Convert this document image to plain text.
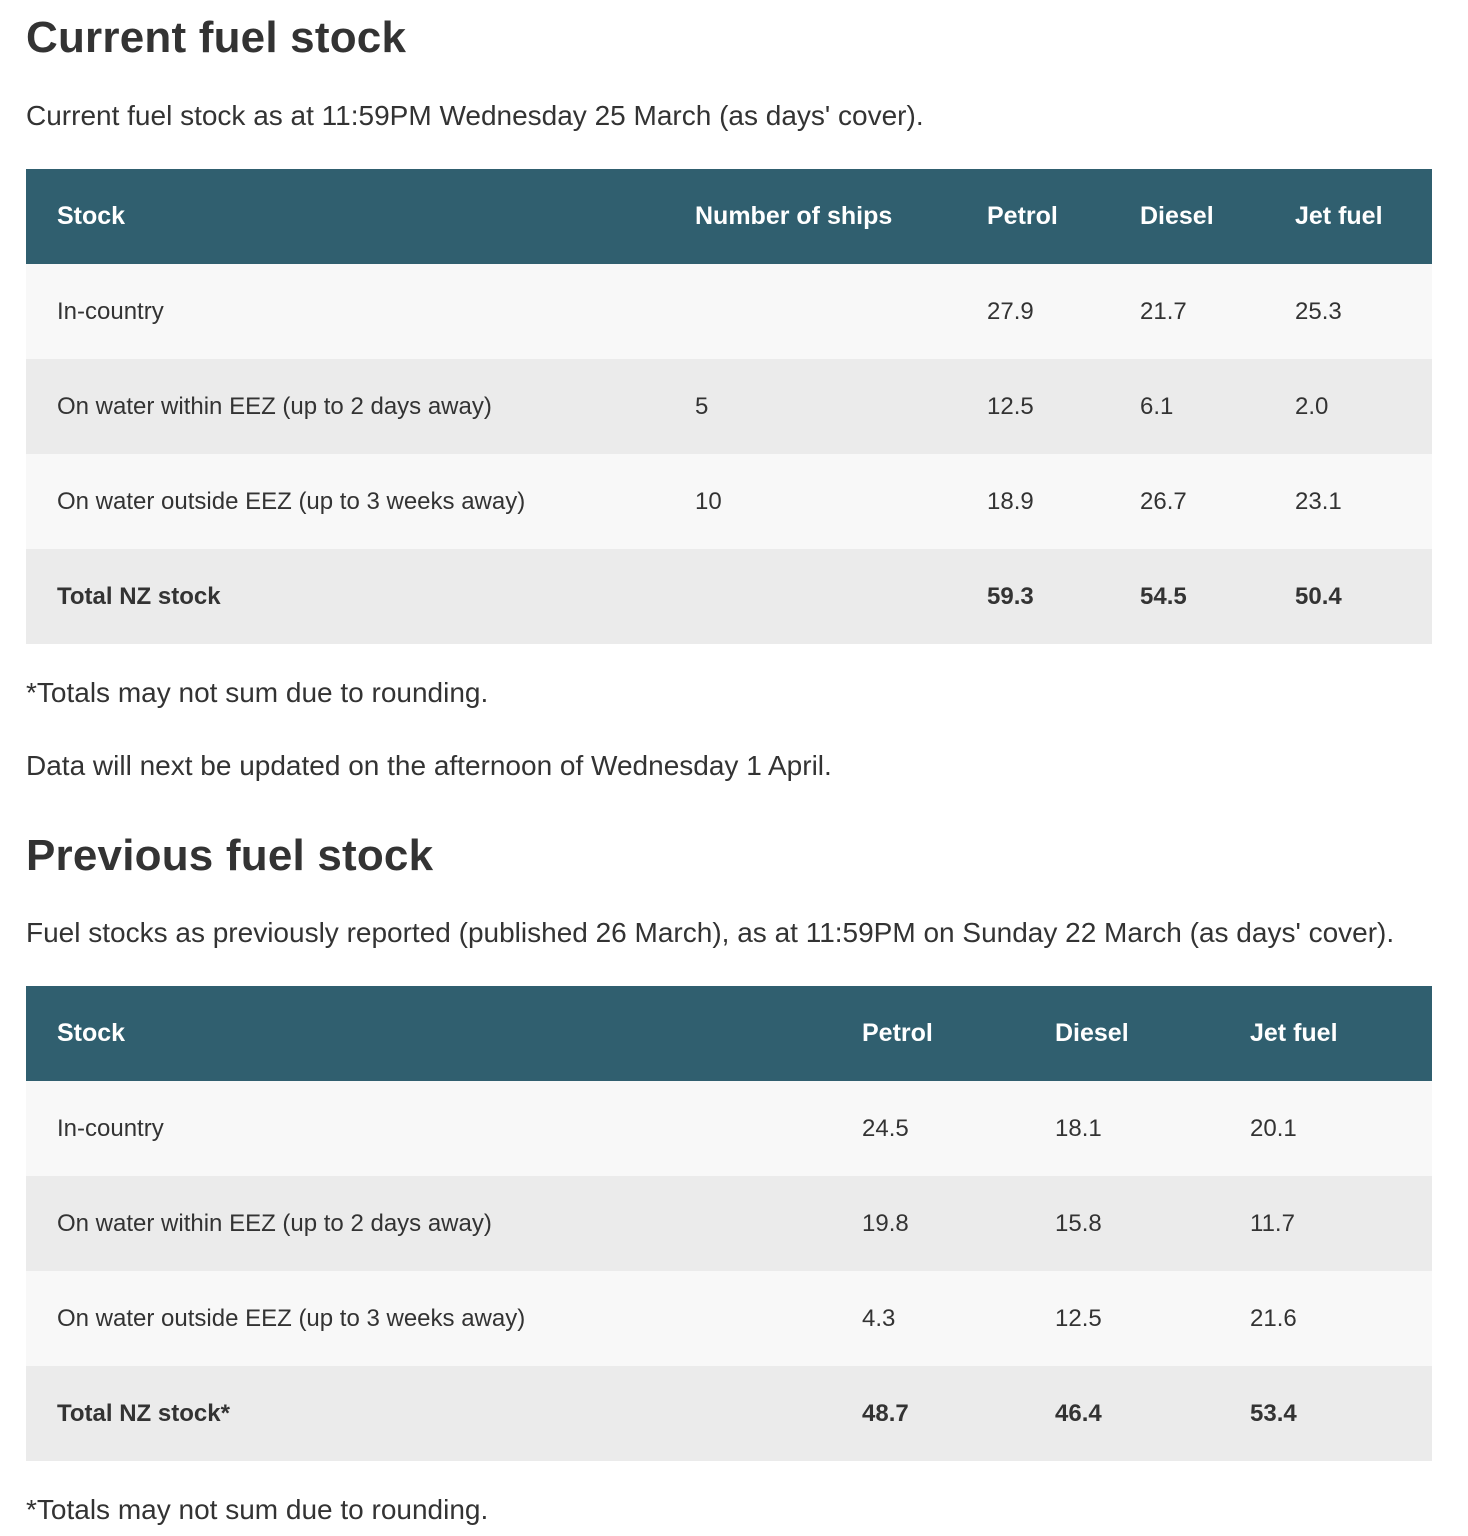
Current fuel stock

Current fuel stock as at 11:59PM Wednesday 25 March (as days' cover).

Stock	Number of ships	Petrol	Diesel	Jet fuel
In-country		27.9	21.7	25.3
On water within EEZ (up to 2 days away)	5	12.5	6.1	2.0
On water outside EEZ (up to 3 weeks away)	10	18.9	26.7	23.1
Total NZ stock		59.3	54.5	50.4

*Totals may not sum due to rounding.

Data will next be updated on the afternoon of Wednesday 1 April.

Previous fuel stock

Fuel stocks as previously reported (published 26 March), as at 11:59PM on Sunday 22 March (as days' cover).

Stock	Petrol	Diesel	Jet fuel
In-country	24.5	18.1	20.1
On water within EEZ (up to 2 days away)	19.8	15.8	11.7
On water outside EEZ (up to 3 weeks away)	4.3	12.5	21.6
Total NZ stock*	48.7	46.4	53.4

*Totals may not sum due to rounding.
